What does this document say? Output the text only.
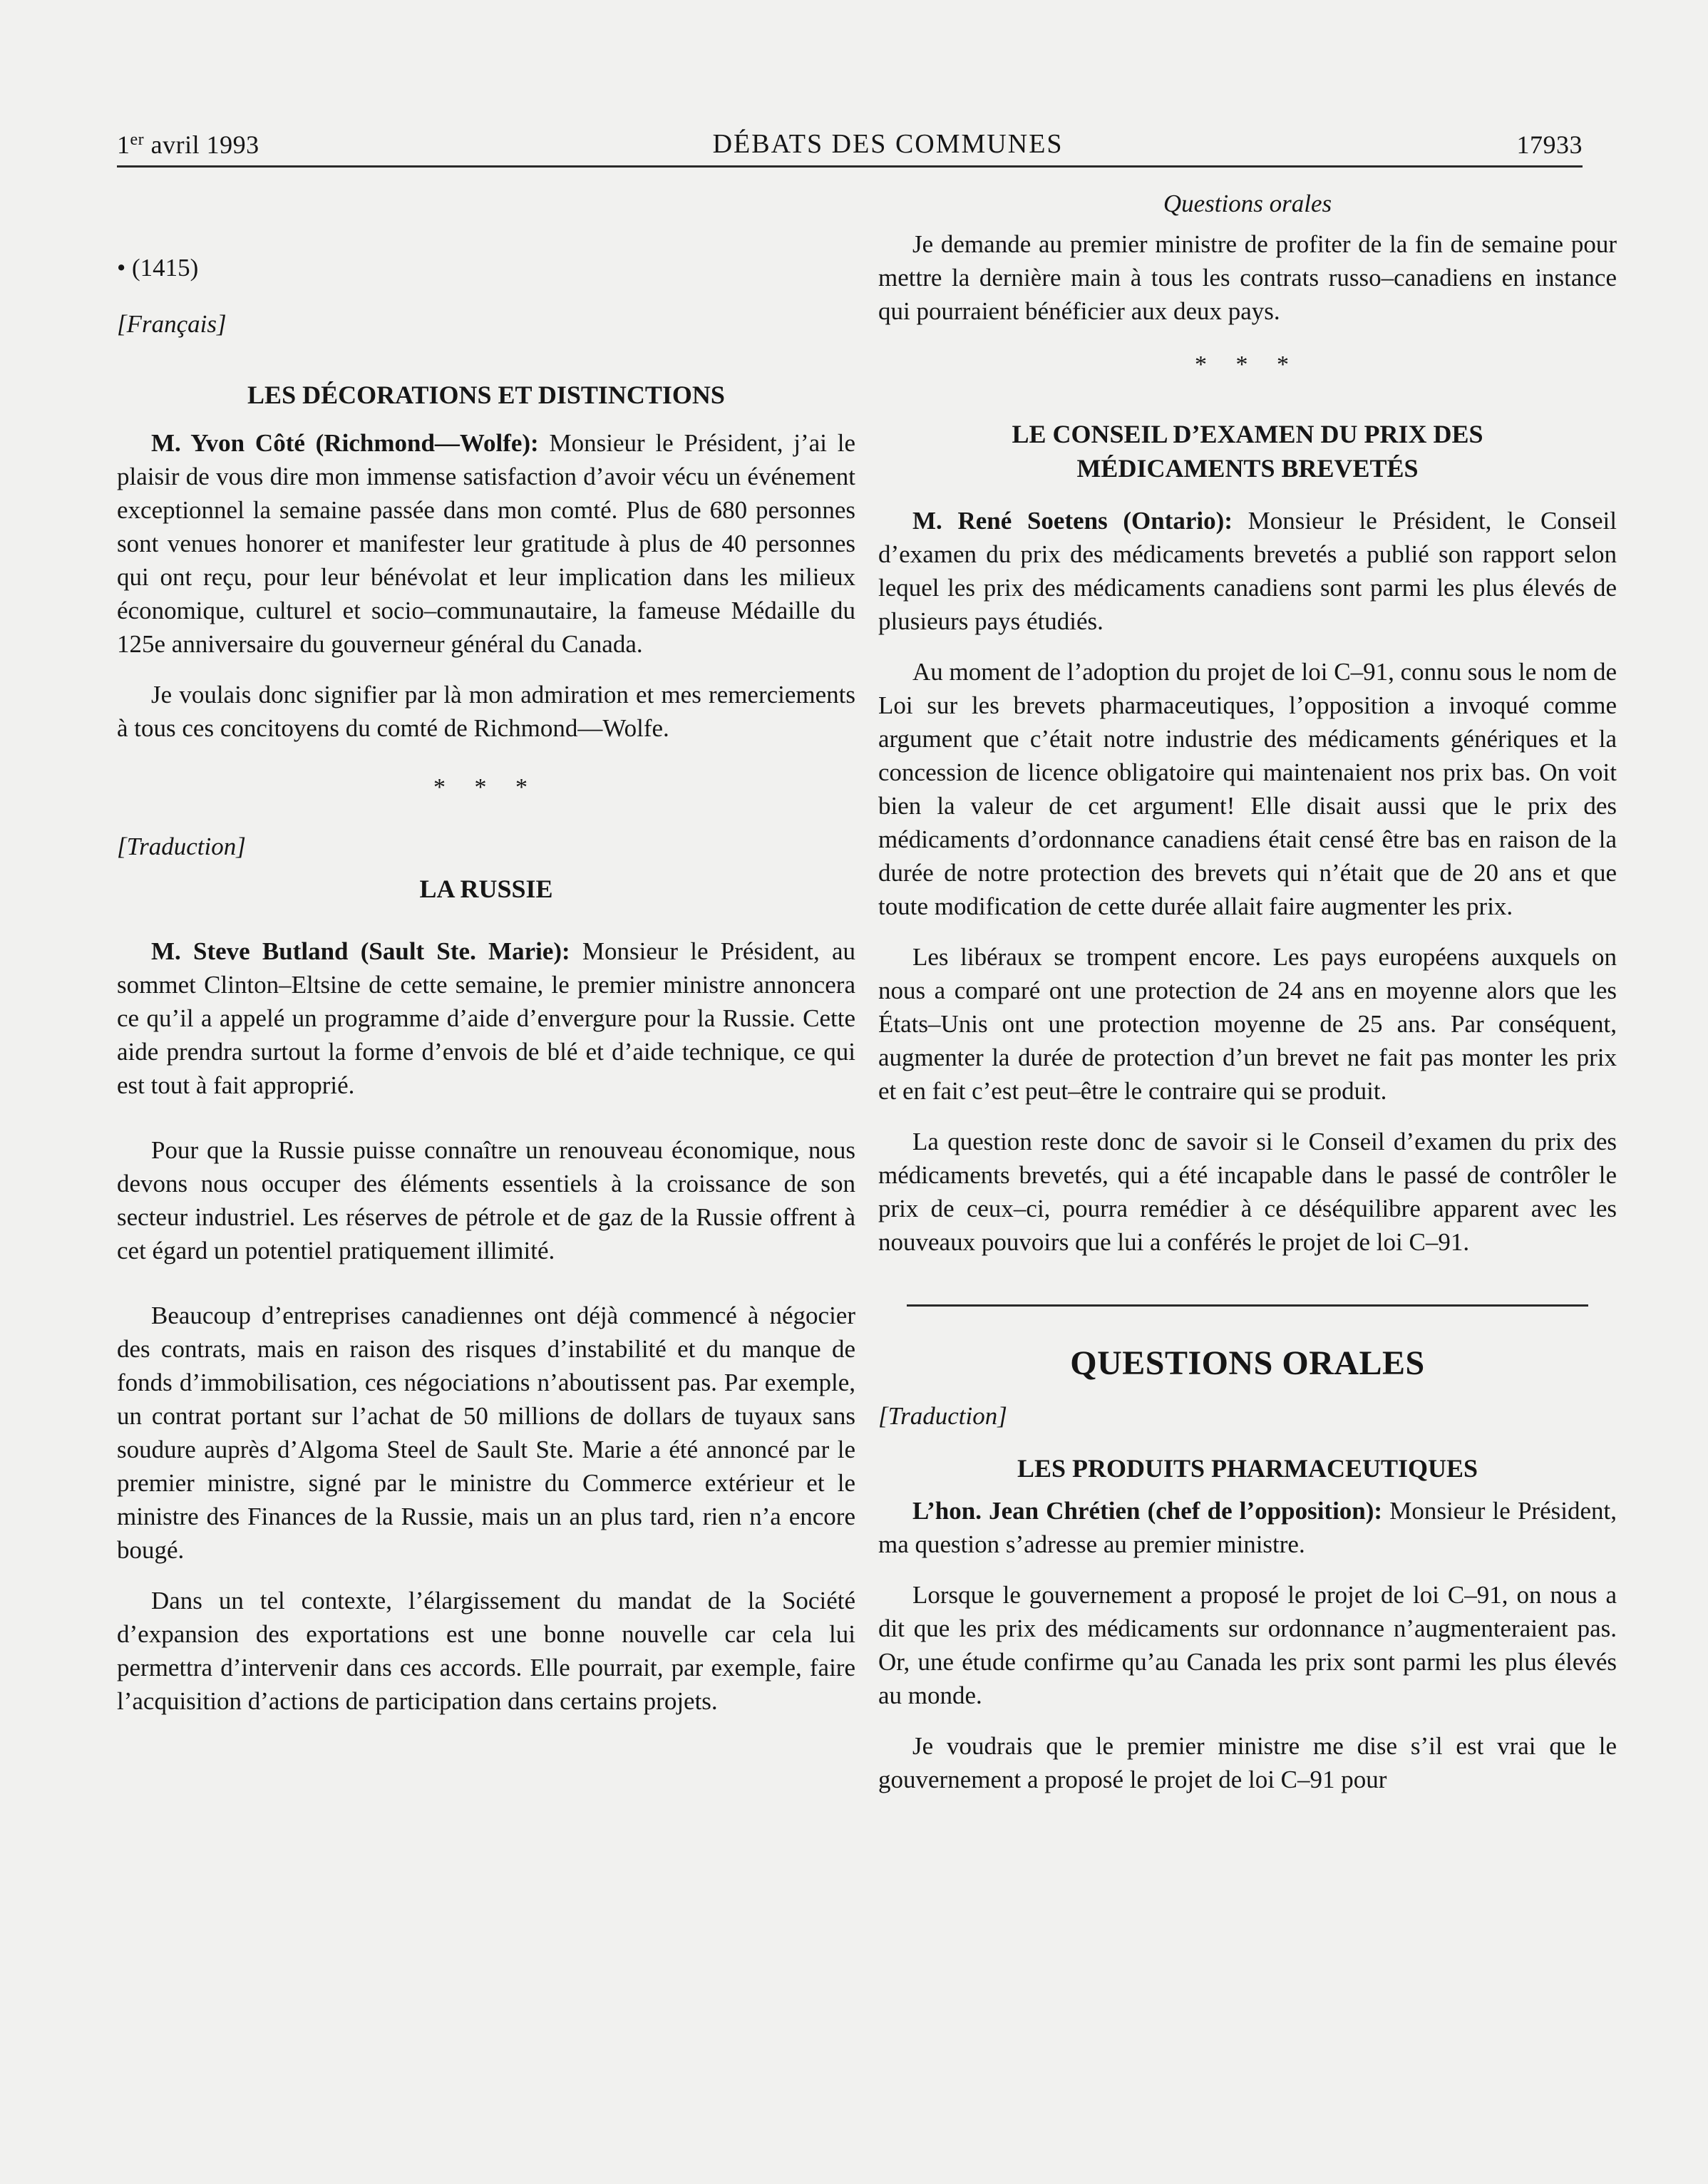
1er avril 1993	DÉBATS DES COMMUNES	17933

• (1415)

[Français]

LES DÉCORATIONS ET DISTINCTIONS

M. Yvon Côté (Richmond—Wolfe): Monsieur le Président, j’ai le plaisir de vous dire mon immense satisfaction d’avoir vécu un événement exceptionnel la semaine passée dans mon comté. Plus de 680 personnes sont venues honorer et manifester leur gratitude à plus de 40 personnes qui ont reçu, pour leur bénévolat et leur implication dans les milieux économique, culturel et socio–communautaire, la fameuse Médaille du 125e anniversaire du gouverneur général du Canada.

Je voulais donc signifier par là mon admiration et mes remerciements à tous ces concitoyens du comté de Richmond—Wolfe.

* * *

[Traduction]

LA RUSSIE

M. Steve Butland (Sault Ste. Marie): Monsieur le Président, au sommet Clinton–Eltsine de cette semaine, le premier ministre annoncera ce qu’il a appelé un programme d’aide d’envergure pour la Russie. Cette aide prendra surtout la forme d’envois de blé et d’aide technique, ce qui est tout à fait approprié.

Pour que la Russie puisse connaître un renouveau économique, nous devons nous occuper des éléments essentiels à la croissance de son secteur industriel. Les réserves de pétrole et de gaz de la Russie offrent à cet égard un potentiel pratiquement illimité.

Beaucoup d’entreprises canadiennes ont déjà commencé à négocier des contrats, mais en raison des risques d’instabilité et du manque de fonds d’immobilisation, ces négociations n’aboutissent pas. Par exemple, un contrat portant sur l’achat de 50 millions de dollars de tuyaux sans soudure auprès d’Algoma Steel de Sault Ste. Marie a été annoncé par le premier ministre, signé par le ministre du Commerce extérieur et le ministre des Finances de la Russie, mais un an plus tard, rien n’a encore bougé.

Dans un tel contexte, l’élargissement du mandat de la Société d’expansion des exportations est une bonne nouvelle car cela lui permettra d’intervenir dans ces accords. Elle pourrait, par exemple, faire l’acquisition d’actions de participation dans certains projets.

Questions orales

Je demande au premier ministre de profiter de la fin de semaine pour mettre la dernière main à tous les contrats russo–canadiens en instance qui pourraient bénéficier aux deux pays.

* * *
LE CONSEIL D’EXAMEN DU PRIX DES MÉDICAMENTS BREVETÉS

M. René Soetens (Ontario): Monsieur le Président, le Conseil d’examen du prix des médicaments brevetés a publié son rapport selon lequel les prix des médicaments canadiens sont parmi les plus élevés de plusieurs pays étudiés.

Au moment de l’adoption du projet de loi C–91, connu sous le nom de Loi sur les brevets pharmaceutiques, l’opposition a invoqué comme argument que c’était notre industrie des médicaments génériques et la concession de licence obligatoire qui maintenaient nos prix bas. On voit bien la valeur de cet argument! Elle disait aussi que le prix des médicaments d’ordonnance canadiens était censé être bas en raison de la durée de notre protection des brevets qui n’était que de 20 ans et que toute modification de cette durée allait faire augmenter les prix.

Les libéraux se trompent encore. Les pays européens auxquels on nous a comparé ont une protection de 24 ans en moyenne alors que les États–Unis ont une protection moyenne de 25 ans. Par conséquent, augmenter la durée de protection d’un brevet ne fait pas monter les prix et en fait c’est peut–être le contraire qui se produit.

La question reste donc de savoir si le Conseil d’examen du prix des médicaments brevetés, qui a été incapable dans le passé de contrôler le prix de ceux–ci, pourra remédier à ce déséquilibre apparent avec les nouveaux pouvoirs que lui a conférés le projet de loi C–91.

QUESTIONS ORALES

[Traduction]

LES PRODUITS PHARMACEUTIQUES

L’hon. Jean Chrétien (chef de l’opposition): Monsieur le Président, ma question s’adresse au premier ministre.

Lorsque le gouvernement a proposé le projet de loi C–91, on nous a dit que les prix des médicaments sur ordonnance n’augmenteraient pas. Or, une étude confirme qu’au Canada les prix sont parmi les plus élevés au monde.

Je voudrais que le premier ministre me dise s’il est vrai que le gouvernement a proposé le projet de loi C–91 pour
